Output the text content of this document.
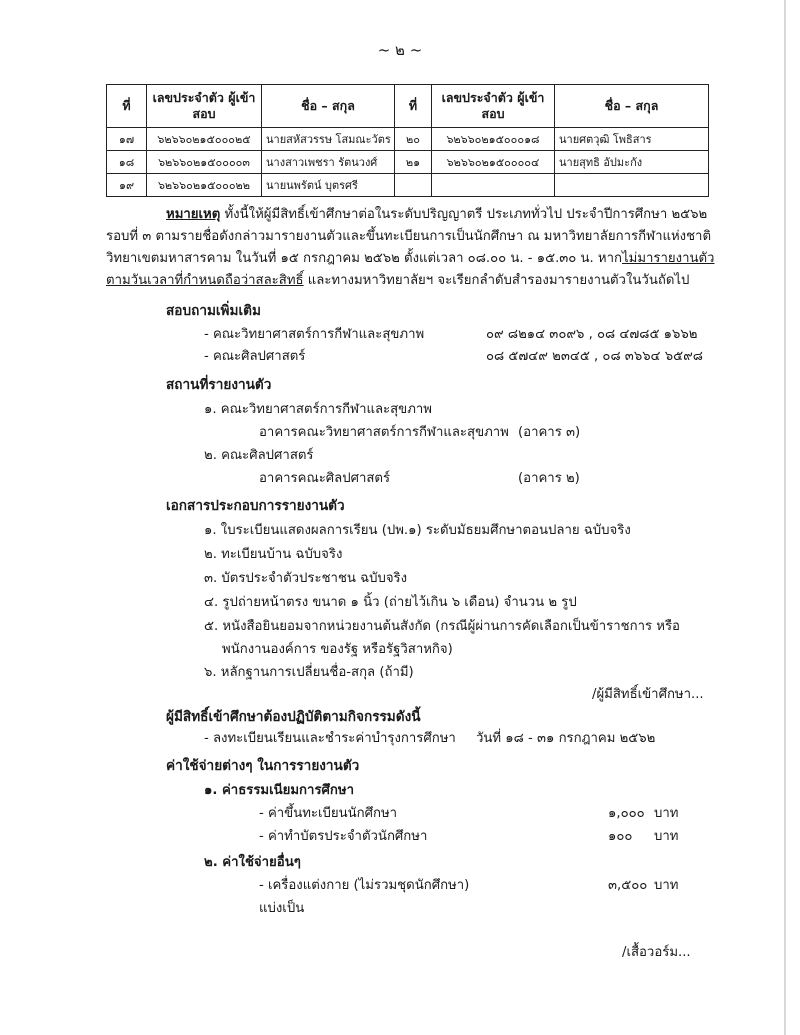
~ ๒ ~
ที่	เลขประจำตัว ผู้เข้าสอบ	ชื่อ – สกุล	ที่	เลขประจำตัว ผู้เข้าสอบ	ชื่อ – สกุล
๑๗	๖๒๖๖๐๒๑๕๐๐๐๒๕	นายสหัสวรรษ โสมณะวัตร	๒๐	๖๒๖๖๐๒๑๕๐๐๐๑๘	นายศตวุฒิ โพธิสาร
๑๘	๖๒๖๖๐๒๑๕๐๐๐๐๓	นางสาวเพชรา รัตนวงศ์	๒๑	๖๒๖๖๐๒๑๕๐๐๐๐๔	นายสุทธิ อัปมะกัง
๑๙	๖๒๖๖๐๒๑๕๐๐๐๒๒	นายนพรัตน์ บุตรศรี			
หมายเหตุ ทั้งนี้ให้ผู้มีสิทธิ์เข้าศึกษาต่อในระดับปริญญาตรี ประเภททั่วไป ประจำปีการศึกษา ๒๕๖๒
รอบที่ ๓ ตามรายชื่อดังกล่าวมารายงานตัวและขึ้นทะเบียนการเป็นนักศึกษา ณ มหาวิทยาลัยการกีฬาแห่งชาติ
วิทยาเขตมหาสารคาม ในวันที่ ๑๕ กรกฎาคม ๒๕๖๒ ตั้งแต่เวลา ๐๘.๐๐ น. - ๑๕.๓๐ น. หากไม่มารายงานตัว
ตามวันเวลาที่กำหนดถือว่าสละสิทธิ์ และทางมหาวิทยาลัยฯ จะเรียกลำดับสำรองมารายงานตัวในวันถัดไป
สอบถามเพิ่มเติม
- คณะวิทยาศาสตร์การกีฬาและสุขภาพ	๐๙ ๘๒๑๔ ๓๐๙๖ , ๐๘ ๔๗๘๕ ๑๖๖๒
- คณะศิลปศาสตร์	๐๘ ๕๗๔๙ ๒๓๔๕ , ๐๘ ๓๖๖๔ ๖๕๙๘
สถานที่รายงานตัว
๑. คณะวิทยาศาสตร์การกีฬาและสุขภาพ
อาคารคณะวิทยาศาสตร์การกีฬาและสุขภาพ (อาคาร ๓)
๒. คณะศิลปศาสตร์
อาคารคณะศิลปศาสตร์	(อาคาร ๒)
เอกสารประกอบการรายงานตัว
๑. ใบระเบียนแสดงผลการเรียน (ปพ.๑) ระดับมัธยมศึกษาตอนปลาย ฉบับจริง
๒. ทะเบียนบ้าน ฉบับจริง
๓. บัตรประจำตัวประชาชน ฉบับจริง
๔. รูปถ่ายหน้าตรง ขนาด ๑ นิ้ว (ถ่ายไว้เกิน ๖ เดือน) จำนวน ๒ รูป
๕. หนังสือยินยอมจากหน่วยงานต้นสังกัด (กรณีผู้ผ่านการคัดเลือกเป็นข้าราชการ หรือ
พนักงานองค์การ ของรัฐ หรือรัฐวิสาหกิจ)
๖. หลักฐานการเปลี่ยนชื่อ-สกุล (ถ้ามี)
/ผู้มีสิทธิ์เข้าศึกษา...
ผู้มีสิทธิ์เข้าศึกษาต้องปฏิบัติตามกิจกรรมดังนี้
- ลงทะเบียนเรียนและชำระค่าบำรุงการศึกษา วันที่ ๑๘ - ๓๑ กรกฎาคม ๒๕๖๒
ค่าใช้จ่ายต่างๆ ในการรายงานตัว
๑. ค่าธรรมเนียมการศึกษา
- ค่าขึ้นทะเบียนนักศึกษา	๑,๐๐๐ บาท
- ค่าทำบัตรประจำตัวนักศึกษา	๑๐๐ บาท
๒. ค่าใช้จ่ายอื่นๆ
- เครื่องแต่งกาย (ไม่รวมชุดนักศึกษา)	๓,๕๐๐ บาท
แบ่งเป็น
/เสื้อวอร์ม...
